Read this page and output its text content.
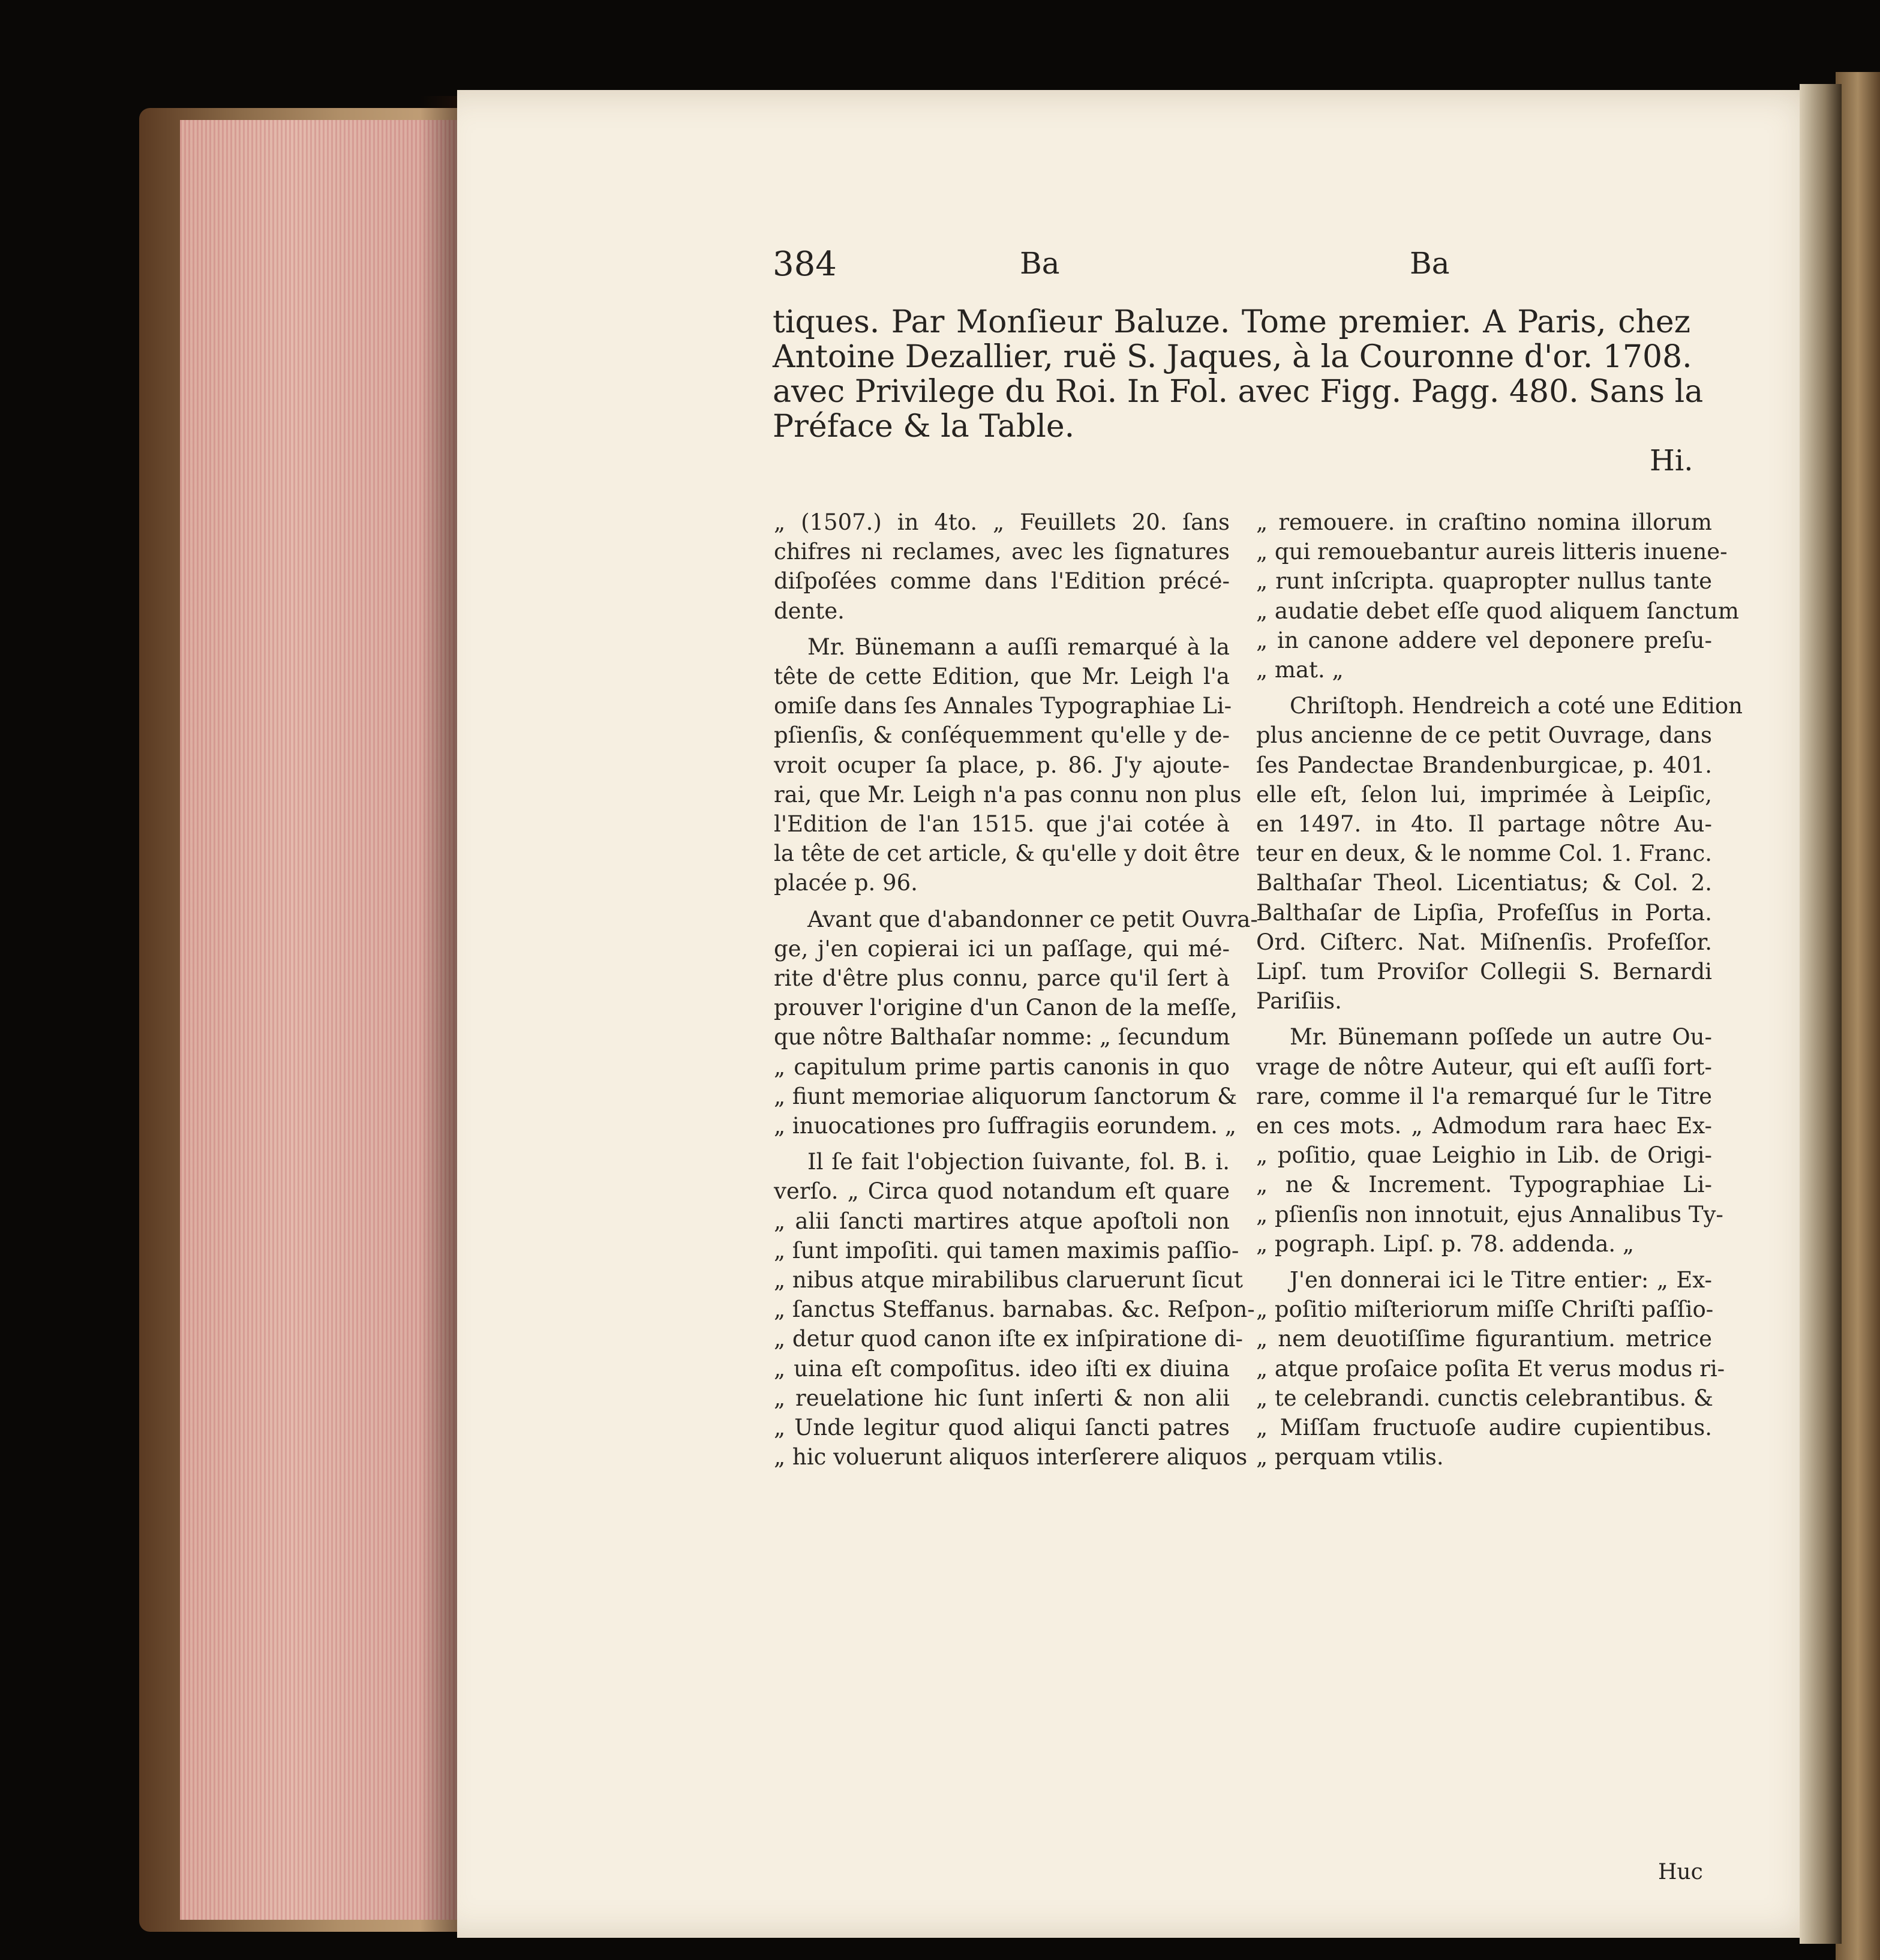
384	Ba	Ba
tiques. Par Monſieur Baluze. Tome premier. A Paris, chez
Antoine Dezallier, ruë S. Jaques, à la Couronne d'or. 1708.
avec Privilege du Roi. In Fol. avec Figg. Pagg. 480. Sans la
Préface & la Table.
Hi.
„ (1507.) in 4to. „ Feuillets 20. ſans
chifres ni reclames, avec les ſignatures
diſpoſées comme dans l'Edition précé-
dente.
Mr. Bünemann a auſſi remarqué à la
tête de cette Edition, que Mr. Leigh l'a
omiſe dans ſes Annales Typographiae Li-
pſienſis, & conſéquemment qu'elle y de-
vroit ocuper ſa place, p. 86. J'y ajoute-
rai, que Mr. Leigh n'a pas connu non plus
l'Edition de l'an 1515. que j'ai cotée à
la tête de cet article, & qu'elle y doit être
placée p. 96.
Avant que d'abandonner ce petit Ouvra-
ge, j'en copierai ici un paſſage, qui mé-
rite d'être plus connu, parce qu'il ſert à
prouver l'origine d'un Canon de la meſſe,
que nôtre Balthaſar nomme: „ ſecundum
„ capitulum prime partis canonis in quo
„ fiunt memoriae aliquorum ſanctorum &
„ inuocationes pro ſuffragiis eorundem. „
Il ſe fait l'objection ſuivante, fol. B. i.
verſo. „ Circa quod notandum eſt quare
„ alii ſancti martires atque apoſtoli non
„ ſunt impoſiti. qui tamen maximis paſſio-
„ nibus atque mirabilibus claruerunt ſicut
„ ſanctus Steffanus. barnabas. &c. Reſpon-
„ detur quod canon iſte ex inſpiratione di-
„ uina eſt compoſitus. ideo iſti ex diuina
„ reuelatione hic ſunt inſerti & non alii
„ Unde legitur quod aliqui ſancti patres
„ hic voluerunt aliquos interſerere aliquos
„ remouere. in craſtino nomina illorum
„ qui remouebantur aureis litteris inuene-
„ runt inſcripta. quapropter nullus tante
„ audatie debet eſſe quod aliquem ſanctum
„ in canone addere vel deponere preſu-
„ mat. „
Chriſtoph. Hendreich a coté une Edition
plus ancienne de ce petit Ouvrage, dans
ſes Pandectae Brandenburgicae, p. 401.
elle eſt, ſelon lui, imprimée à Leipſic,
en 1497. in 4to. Il partage nôtre Au-
teur en deux, & le nomme Col. 1. Franc.
Balthaſar Theol. Licentiatus; & Col. 2.
Balthaſar de Lipſia, Profeſſus in Porta.
Ord. Ciſterc. Nat. Miſnenſis. Profeſſor.
Lipſ. tum Proviſor Collegii S. Bernardi
Pariſiis.
Mr. Bünemann poſſede un autre Ou-
vrage de nôtre Auteur, qui eſt auſſi fort-
rare, comme il l'a remarqué ſur le Titre
en ces mots. „ Admodum rara haec Ex-
„ poſitio, quae Leighio in Lib. de Origi-
„ ne & Increment. Typographiae Li-
„ pſienſis non innotuit, ejus Annalibus Ty-
„ pograph. Lipſ. p. 78. addenda. „
J'en donnerai ici le Titre entier: „ Ex-
„ poſitio miſteriorum miſſe Chriſti paſſio-
„ nem deuotiſſime figurantium. metrice
„ atque proſaice poſita Et verus modus ri-
„ te celebrandi. cunctis celebrantibus. &
„ Miſſam fructuoſe audire cupientibus.
„ perquam vtilis.
Huc
